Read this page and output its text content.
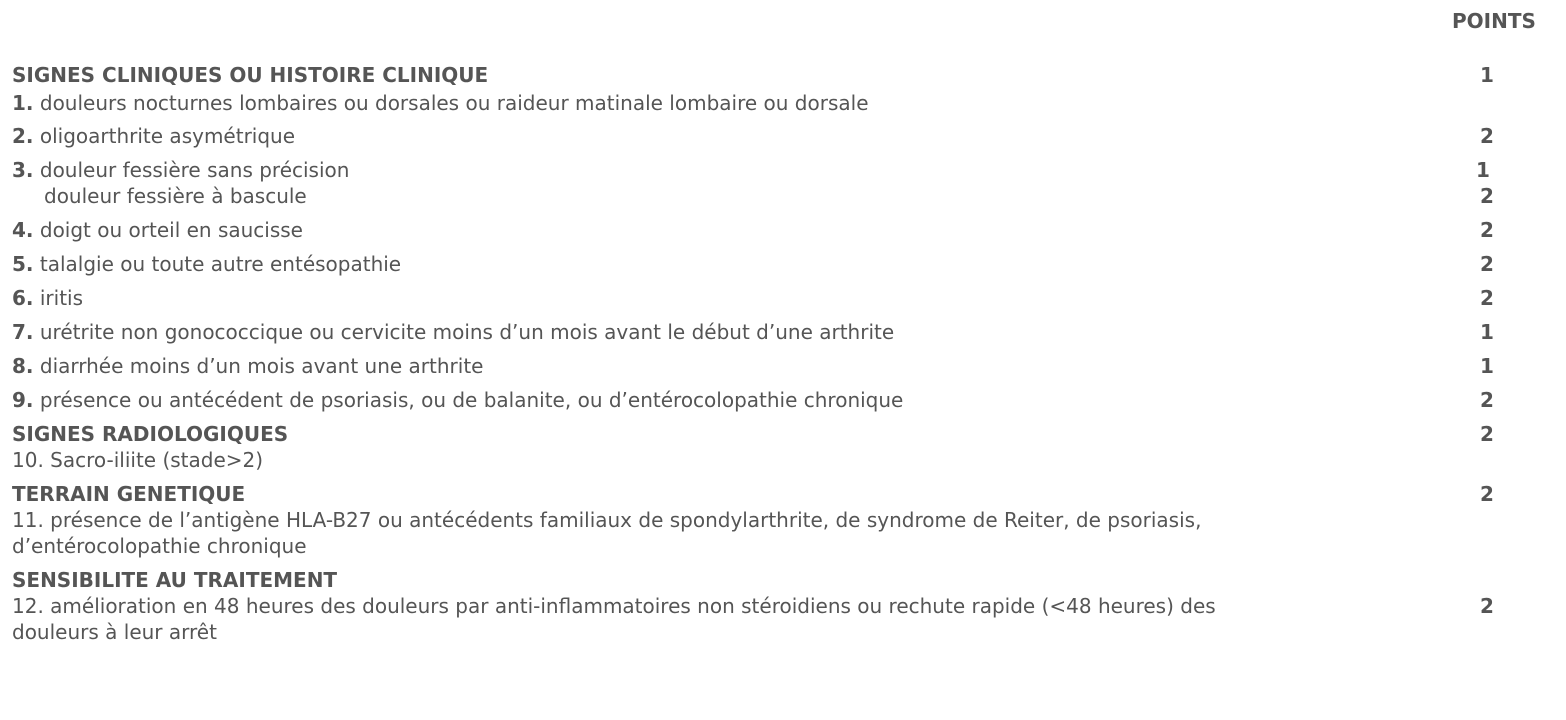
POINTS
SIGNES CLINIQUES OU HISTOIRE CLINIQUE	1
1. douleurs nocturnes lombaires ou dorsales ou raideur matinale lombaire ou dorsale
2. oligoarthrite asymétrique	2
3. douleur fessière sans précision	1
douleur fessière à bascule	2
4. doigt ou orteil en saucisse	2
5. talalgie ou toute autre entésopathie	2
6. iritis	2
7. urétrite non gonococcique ou cervicite moins d’un mois avant le début d’une arthrite	1
8. diarrhée moins d’un mois avant une arthrite	1
9. présence ou antécédent de psoriasis, ou de balanite, ou d’entérocolopathie chronique	2
SIGNES RADIOLOGIQUES	2
10. Sacro-iliite (stade>2)
TERRAIN GENETIQUE	2
11. présence de l’antigène HLA-B27 ou antécédents familiaux de spondylarthrite, de syndrome de Reiter, de psoriasis,
d’entérocolopathie chronique
SENSIBILITE AU TRAITEMENT
12. amélioration en 48 heures des douleurs par anti-inflammatoires non stéroidiens ou rechute rapide (<48 heures) des	2
douleurs à leur arrêt
